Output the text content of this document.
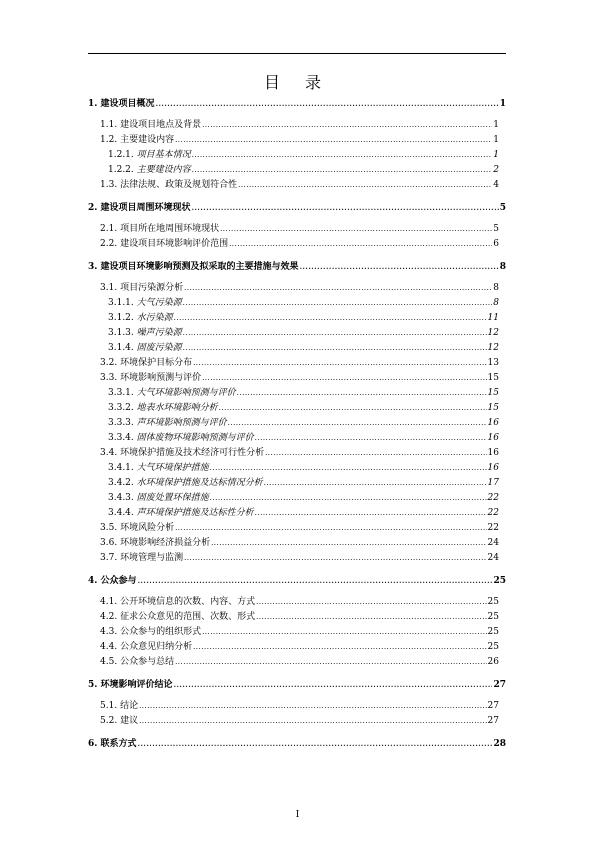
目 录
1. 建设项目概况 .....	1
1.1. 建设项目地点及背景 .....	1
1.2. 主要建设内容 .....	1
1.2.1. 项目基本情况 .....	1
1.2.2. 主要建设内容 .....	2
1.3. 法律法规、政策及规划符合性 .....	4
2. 建设项目周围环境现状 .....	5
2.1. 项目所在地周围环境现状 .....	5
2.2. 建设项目环境影响评价范围 .....	6
3. 建设项目环境影响预测及拟采取的主要措施与效果 .....	8
3.1. 项目污染源分析 .....	8
3.1.1. 大气污染源 .....	8
3.1.2. 水污染源 .....	11
3.1.3. 噪声污染源 .....	12
3.1.4. 固废污染源 .....	12
3.2. 环境保护目标分布 .....	13
3.3. 环境影响预测与评价 .....	15
3.3.1. 大气环境影响预测与评价 .....	15
3.3.2. 地表水环境影响分析 .....	15
3.3.3. 声环境影响预测与评价 .....	16
3.3.4. 固体废物环境影响预测与评价 .....	16
3.4. 环境保护措施及技术经济可行性分析 .....	16
3.4.1. 大气环境保护措施 .....	16
3.4.2. 水环境保护措施及达标情况分析 .....	17
3.4.3. 固废处置环保措施 .....	22
3.4.4. 声环境保护措施及达标性分析 .....	22
3.5. 环境风险分析 .....	22
3.6. 环境影响经济损益分析 .....	24
3.7. 环境管理与监测 .....	24
4. 公众参与 .....	25
4.1. 公开环境信息的次数、内容、方式 .....	25
4.2. 征求公众意见的范围、次数、形式 .....	25
4.3. 公众参与的组织形式 .....	25
4.4. 公众意见归纳分析 .....	25
4.5. 公众参与总结 .....	26
5. 环境影响评价结论 .....	27
5.1. 结论 .....	27
5.2. 建议 .....	27
6. 联系方式 .....	28
I
